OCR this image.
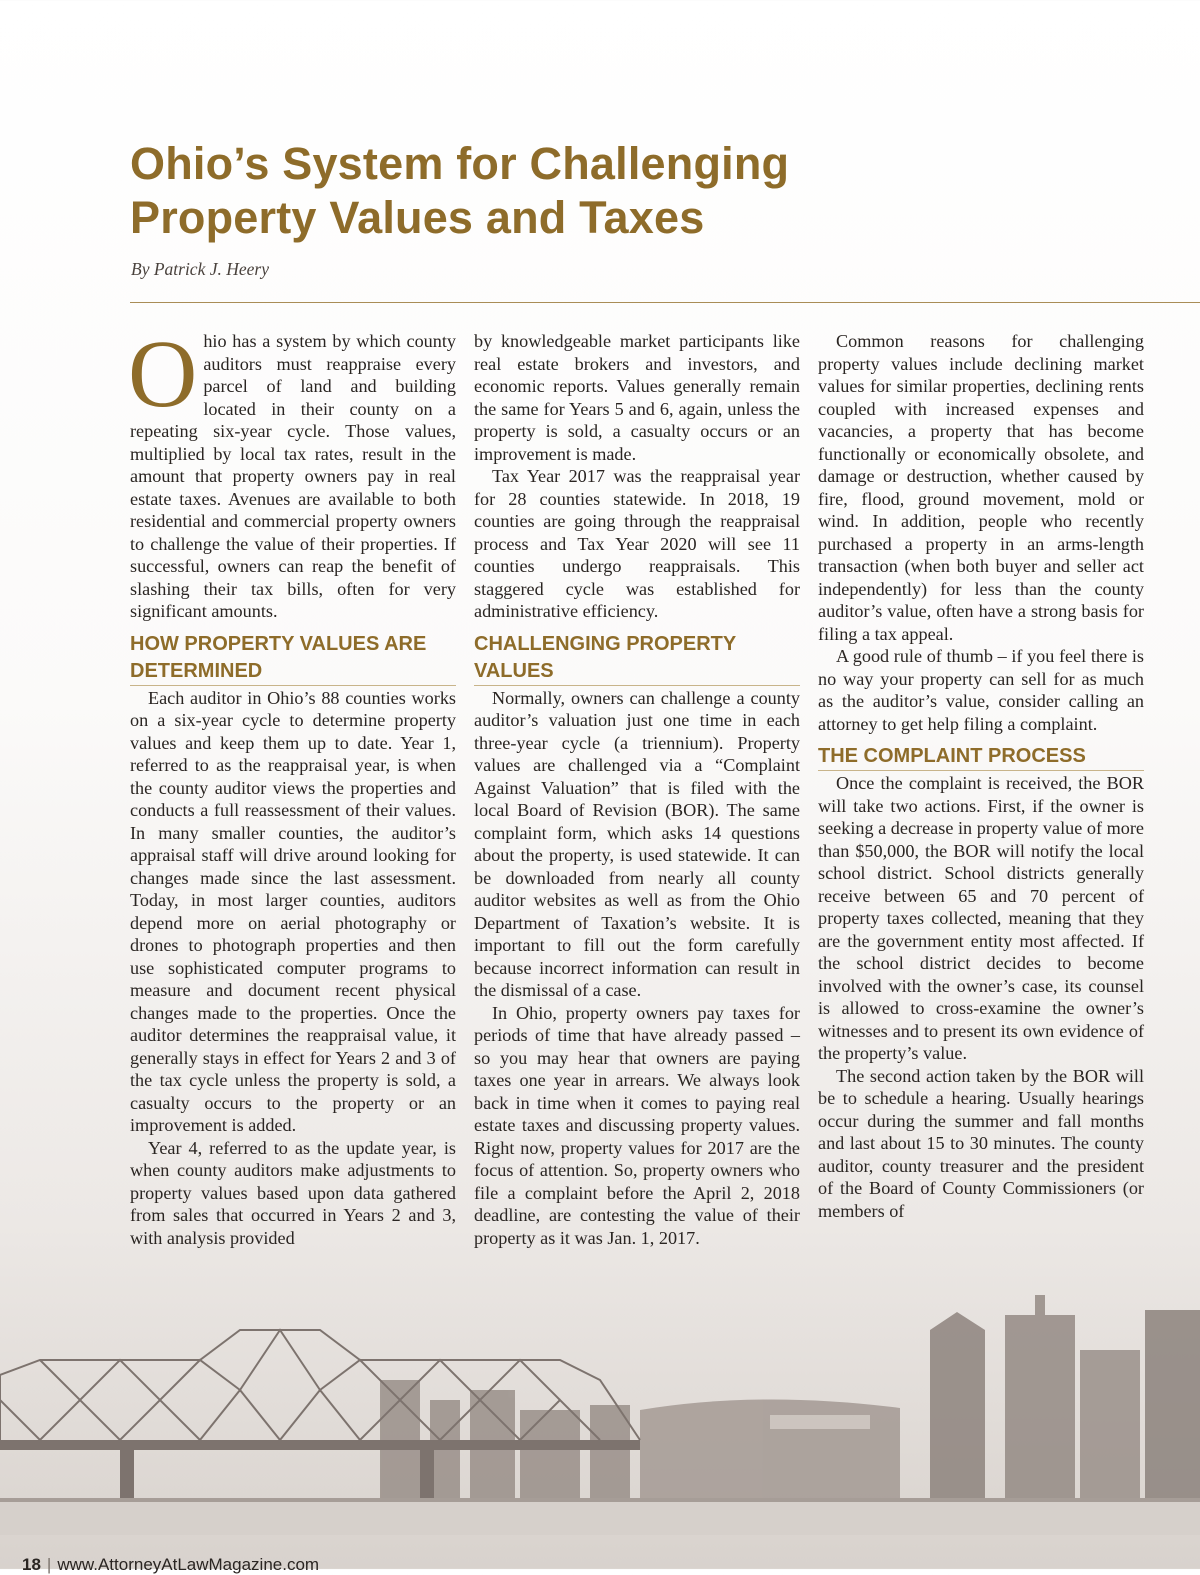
Ohio’s System for Challenging
Property Values and Taxes

By Patrick J. Heery

Ohio has a system by which county auditors must reappraise every parcel of land and building located in their county on a repeating six-year cycle. Those values, multiplied by local tax rates, result in the amount that property owners pay in real estate taxes. Avenues are available to both residential and commercial property owners to challenge the value of their properties. If successful, owners can reap the benefit of slashing their tax bills, often for very significant amounts.

HOW PROPERTY VALUES ARE DETERMINED

Each auditor in Ohio’s 88 counties works on a six-year cycle to determine property values and keep them up to date. Year 1, referred to as the reappraisal year, is when the county auditor views the properties and conducts a full reassessment of their values. In many smaller counties, the auditor’s appraisal staff will drive around looking for changes made since the last assessment. Today, in most larger counties, auditors depend more on aerial photography or drones to photograph properties and then use sophisticated computer programs to measure and document recent physical changes made to the properties. Once the auditor determines the reappraisal value, it generally stays in effect for Years 2 and 3 of the tax cycle unless the property is sold, a casualty occurs to the property or an improvement is added.

Year 4, referred to as the update year, is when county auditors make adjustments to property values based upon data gathered from sales that occurred in Years 2 and 3, with analysis provided

by knowledgeable market participants like real estate brokers and investors, and economic reports. Values generally remain the same for Years 5 and 6, again, unless the property is sold, a casualty occurs or an improvement is made.

Tax Year 2017 was the reappraisal year for 28 counties statewide. In 2018, 19 counties are going through the reappraisal process and Tax Year 2020 will see 11 counties undergo reappraisals. This staggered cycle was established for administrative efficiency.

CHALLENGING PROPERTY VALUES

Normally, owners can challenge a county auditor’s valuation just one time in each three-year cycle (a triennium). Property values are challenged via a “Complaint Against Valuation” that is filed with the local Board of Revision (BOR). The same complaint form, which asks 14 questions about the property, is used statewide. It can be downloaded from nearly all county auditor websites as well as from the Ohio Department of Taxation’s website. It is important to fill out the form carefully because incorrect information can result in the dismissal of a case.

In Ohio, property owners pay taxes for periods of time that have already passed – so you may hear that owners are paying taxes one year in arrears. We always look back in time when it comes to paying real estate taxes and discussing property values. Right now, property values for 2017 are the focus of attention. So, property owners who file a complaint before the April 2, 2018 deadline, are contesting the value of their property as it was Jan. 1, 2017.

Common reasons for challenging property values include declining market values for similar properties, declining rents coupled with increased expenses and vacancies, a property that has become functionally or economically obsolete, and damage or destruction, whether caused by fire, flood, ground movement, mold or wind. In addition, people who recently purchased a property in an arms-length transaction (when both buyer and seller act independently) for less than the county auditor’s value, often have a strong basis for filing a tax appeal.

A good rule of thumb – if you feel there is no way your property can sell for as much as the auditor’s value, consider calling an attorney to get help filing a complaint.

THE COMPLAINT PROCESS

Once the complaint is received, the BOR will take two actions. First, if the owner is seeking a decrease in property value of more than $50,000, the BOR will notify the local school district. School districts generally receive between 65 and 70 percent of property taxes collected, meaning that they are the government entity most affected. If the school district decides to become involved with the owner’s case, its counsel is allowed to cross-examine the owner’s witnesses and to present its own evidence of the property’s value.

The second action taken by the BOR will be to schedule a hearing. Usually hearings occur during the summer and fall months and last about 15 to 30 minutes. The county auditor, county treasurer and the president of the Board of County Commissioners (or members of

18 | www.AttorneyAtLawMagazine.com
